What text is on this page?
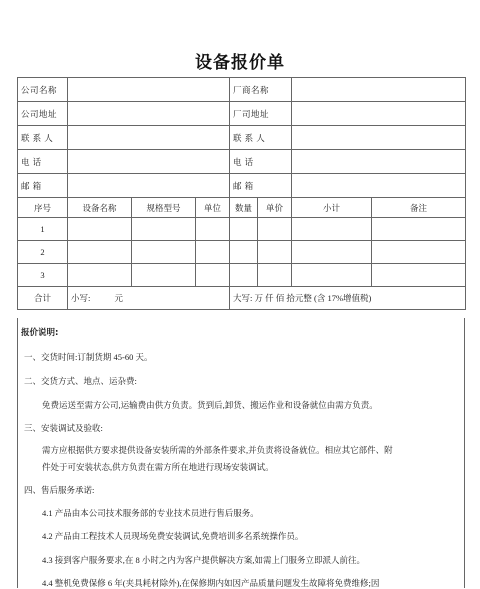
设备报价单
公司名称				厂商名称			
公司地址				厂司地址			
联 系 人				联 系 人			
电 话				电 话			
邮 箱				邮 箱			
序号	设备名称	规格型号	单位	数量	单价	小计	备注
1							
2							
3							
合计	小写: 元			大写: 万 仟 佰 拾元整 (含 17%增值税)			
报价说明:
一、交货时间:订制货期 45-60 天。
二、交货方式、地点、运杂费:
免费运送至需方公司,运输费由供方负责。货到后,卸货、搬运作业和设备就位由需方负责。
三、安装调试及验收:
需方应根据供方要求提供设备安装所需的外部条件要求,并负责将设备就位。相应其它部件、附
件处于可安装状态,供方负责在需方所在地进行现场安装调试。
四、售后服务承诺:
4.1 产品由本公司技术服务部的专业技术员进行售后服务。
4.2 产品由工程技术人员现场免费安装调试,免费培训多名系统操作员。
4.3 接到客户服务要求,在 8 小时之内为客户提供解决方案,如需上门服务立即派人前往。
4.4 整机免费保修 6 年(夹具耗材除外),在保修期内如因产品质量问题发生故障将免费维修;因
